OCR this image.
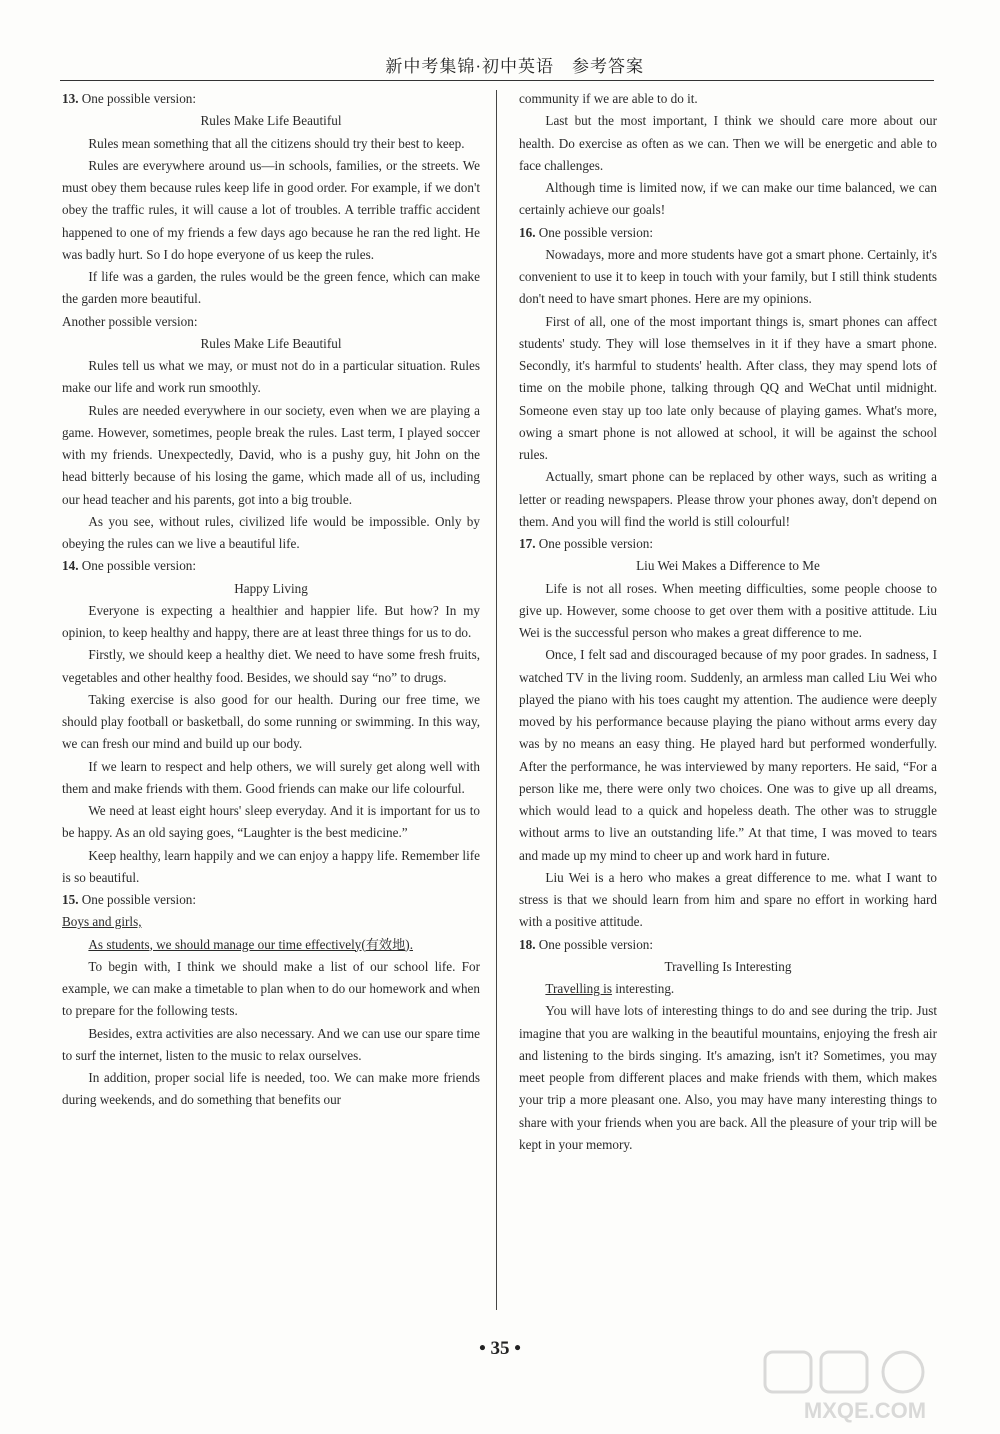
新中考集锦·初中英语　参考答案

13. One possible version:

Rules Make Life Beautiful

Rules mean something that all the citizens should try their best to keep.

Rules are everywhere around us—in schools, families, or the streets. We must obey them because rules keep life in good order. For example, if we don't obey the traffic rules, it will cause a lot of troubles. A terrible traffic accident happened to one of my friends a few days ago because he ran the red light. He was badly hurt. So I do hope everyone of us keep the rules.

If life was a garden, the rules would be the green fence, which can make the garden more beautiful.

Another possible version:

Rules Make Life Beautiful

Rules tell us what we may, or must not do in a particular situation. Rules make our life and work run smoothly.

Rules are needed everywhere in our society, even when we are playing a game. However, sometimes, people break the rules. Last term, I played soccer with my friends. Unexpectedly, David, who is a pushy guy, hit John on the head bitterly because of his losing the game, which made all of us, including our head teacher and his parents, got into a big trouble.

As you see, without rules, civilized life would be impossible. Only by obeying the rules can we live a beautiful life.

14. One possible version:

Happy Living

Everyone is expecting a healthier and happier life. But how? In my opinion, to keep healthy and happy, there are at least three things for us to do.

Firstly, we should keep a healthy diet. We need to have some fresh fruits, vegetables and other healthy food. Besides, we should say “no” to drugs.

Taking exercise is also good for our health. During our free time, we should play football or basketball, do some running or swimming. In this way, we can fresh our mind and build up our body.

If we learn to respect and help others, we will surely get along well with them and make friends with them. Good friends can make our life colourful.

We need at least eight hours' sleep everyday. And it is important for us to be happy. As an old saying goes, “Laughter is the best medicine.”

Keep healthy, learn happily and we can enjoy a happy life. Remember life is so beautiful.

15. One possible version:

Boys and girls,

As students, we should manage our time effectively(有效地).

To begin with, I think we should make a list of our school life. For example, we can make a timetable to plan when to do our homework and when to prepare for the following tests.

Besides, extra activities are also necessary. And we can use our spare time to surf the internet, listen to the music to relax ourselves.

In addition, proper social life is needed, too. We can make more friends during weekends, and do something that benefits our

community if we are able to do it.

Last but the most important, I think we should care more about our health. Do exercise as often as we can. Then we will be energetic and able to face challenges.

Although time is limited now, if we can make our time balanced, we can certainly achieve our goals!

16. One possible version:

Nowadays, more and more students have got a smart phone. Certainly, it's convenient to use it to keep in touch with your family, but I still think students don't need to have smart phones. Here are my opinions.

First of all, one of the most important things is, smart phones can affect students' study. They will lose themselves in it if they have a smart phone. Secondly, it's harmful to students' health. After class, they may spend lots of time on the mobile phone, talking through QQ and WeChat until midnight. Someone even stay up too late only because of playing games. What's more, owing a smart phone is not allowed at school, it will be against the school rules.

Actually, smart phone can be replaced by other ways, such as writing a letter or reading newspapers. Please throw your phones away, don't depend on them. And you will find the world is still colourful!

17. One possible version:

Liu Wei Makes a Difference to Me

Life is not all roses. When meeting difficulties, some people choose to give up. However, some choose to get over them with a positive attitude. Liu Wei is the successful person who makes a great difference to me.

Once, I felt sad and discouraged because of my poor grades. In sadness, I watched TV in the living room. Suddenly, an armless man called Liu Wei who played the piano with his toes caught my attention. The audience were deeply moved by his performance because playing the piano without arms every day was by no means an easy thing. He played hard but performed wonderfully. After the performance, he was interviewed by many reporters. He said, “For a person like me, there were only two choices. One was to give up all dreams, which would lead to a quick and hopeless death. The other was to struggle without arms to live an outstanding life.” At that time, I was moved to tears and made up my mind to cheer up and work hard in future.

Liu Wei is a hero who makes a great difference to me. what I want to stress is that we should learn from him and spare no effort in working hard with a positive attitude.

18. One possible version:

Travelling Is Interesting

Travelling is interesting.

You will have lots of interesting things to do and see during the trip. Just imagine that you are walking in the beautiful mountains, enjoying the fresh air and listening to the birds singing. It's amazing, isn't it? Sometimes, you may meet people from different places and make friends with them, which makes your trip a more pleasant one. Also, you may have many interesting things to share with your friends when you are back. All the pleasure of your trip will be kept in your memory.

• 35 •
MXQE.COM
